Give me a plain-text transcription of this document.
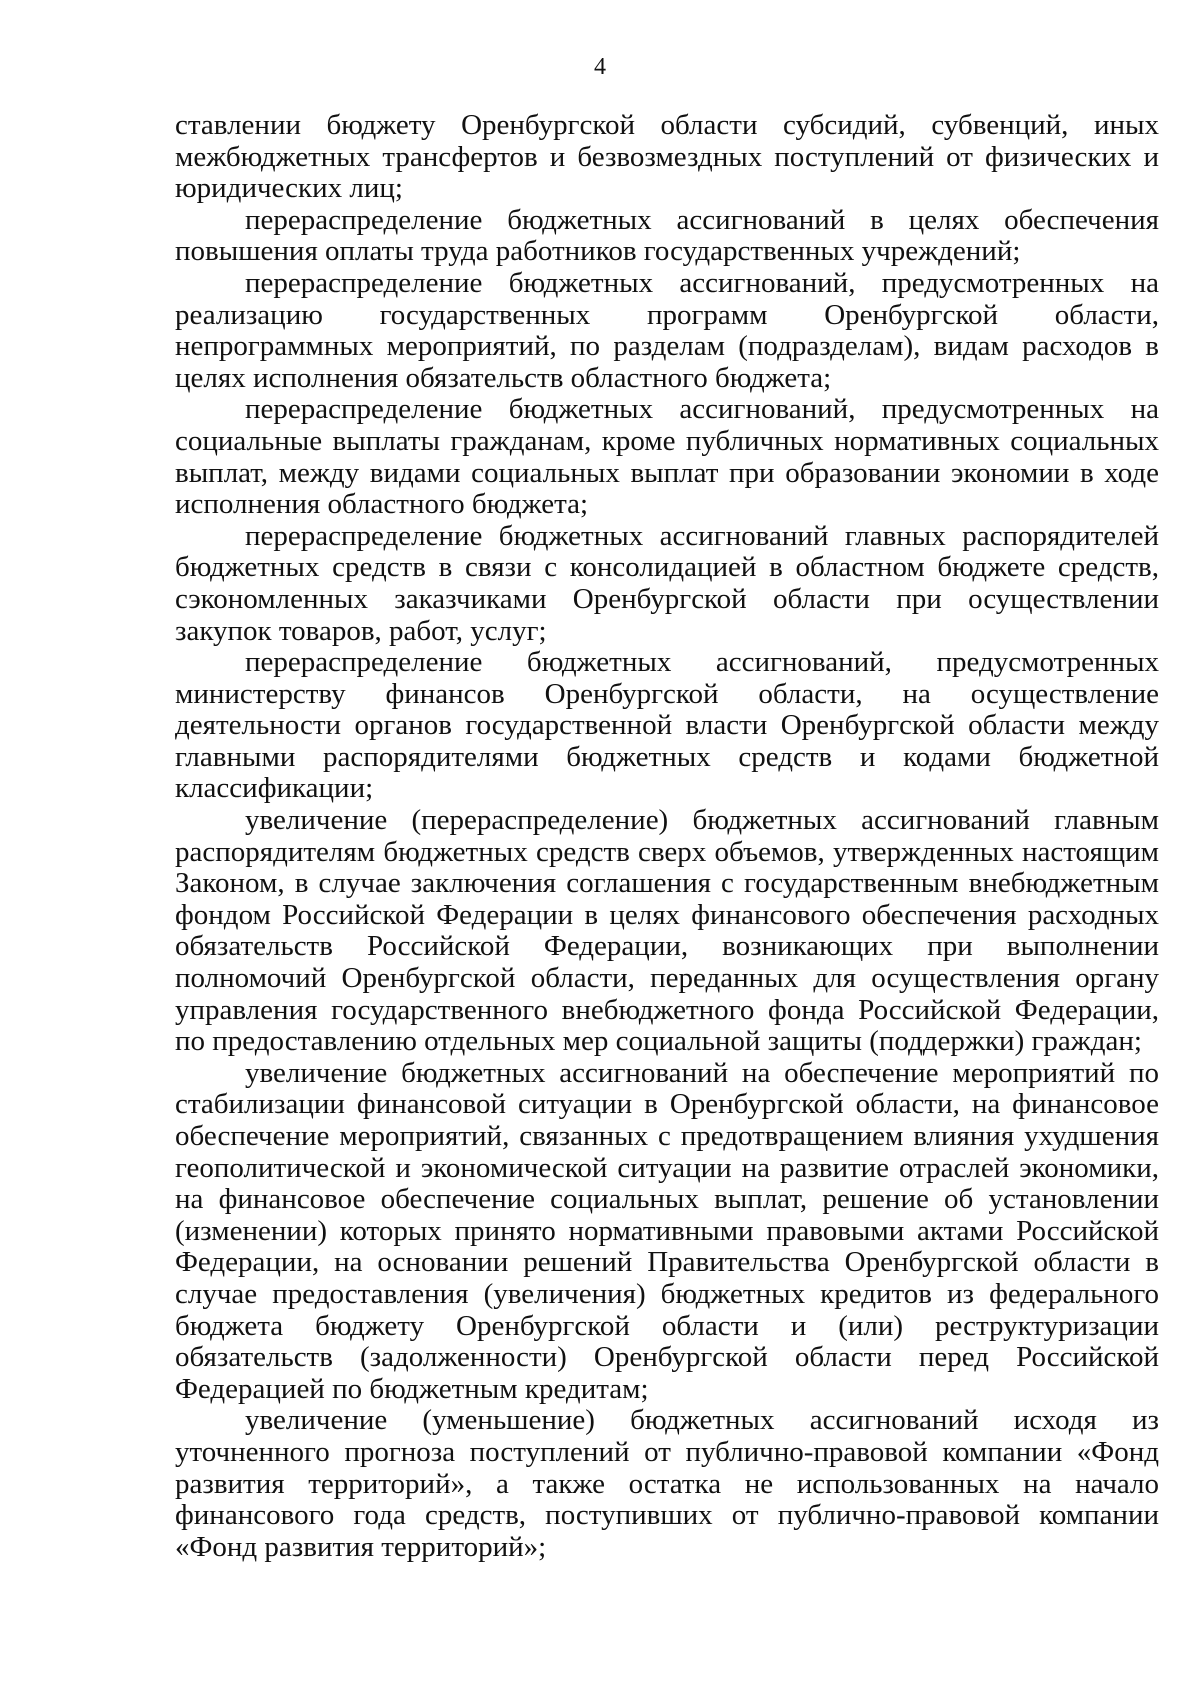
4

ставлении бюджету Оренбургской области субсидий, субвенций, иных межбюджетных трансфертов и безвозмездных поступлений от физических и юридических лиц;

перераспределение бюджетных ассигнований в целях обеспечения повышения оплаты труда работников государственных учреждений;

перераспределение бюджетных ассигнований, предусмотренных на реализацию государственных программ Оренбургской области, непрограммных мероприятий, по разделам (подразделам), видам расходов в целях исполнения обязательств областного бюджета;

перераспределение бюджетных ассигнований, предусмотренных на социальные выплаты гражданам, кроме публичных нормативных социальных выплат, между видами социальных выплат при образовании экономии в ходе исполнения областного бюджета;

перераспределение бюджетных ассигнований главных распорядителей бюджетных средств в связи с консолидацией в областном бюджете средств, сэкономленных заказчиками Оренбургской области при осуществлении закупок товаров, работ, услуг;

перераспределение бюджетных ассигнований, предусмотренных министерству финансов Оренбургской области, на осуществление деятельности органов государственной власти Оренбургской области между главными распорядителями бюджетных средств и кодами бюджетной классификации;

увеличение (перераспределение) бюджетных ассигнований главным распорядителям бюджетных средств сверх объемов, утвержденных настоящим Законом, в случае заключения соглашения с государственным внебюджетным фондом Российской Федерации в целях финансового обеспечения расходных обязательств Российской Федерации, возникающих при выполнении полномочий Оренбургской области, переданных для осуществления органу управления государственного внебюджетного фонда Российской Федерации, по предоставлению отдельных мер социальной защиты (поддержки) граждан;

увеличение бюджетных ассигнований на обеспечение мероприятий по стабилизации финансовой ситуации в Оренбургской области, на финансовое обеспечение мероприятий, связанных с предотвращением влияния ухудшения геополитической и экономической ситуации на развитие отраслей экономики, на финансовое обеспечение социальных выплат, решение об установлении (изменении) которых принято нормативными правовыми актами Российской Федерации, на основании решений Правительства Оренбургской области в случае предоставления (увеличения) бюджетных кредитов из федерального бюджета бюджету Оренбургской области и (или) реструктуризации обязательств (задолженности) Оренбургской области перед Российской Федерацией по бюджетным кредитам;

увеличение (уменьшение) бюджетных ассигнований исходя из уточненного прогноза поступлений от публично-правовой компании «Фонд развития территорий», а также остатка не использованных на начало финансового года средств, поступивших от публично-правовой компании «Фонд развития территорий»;
